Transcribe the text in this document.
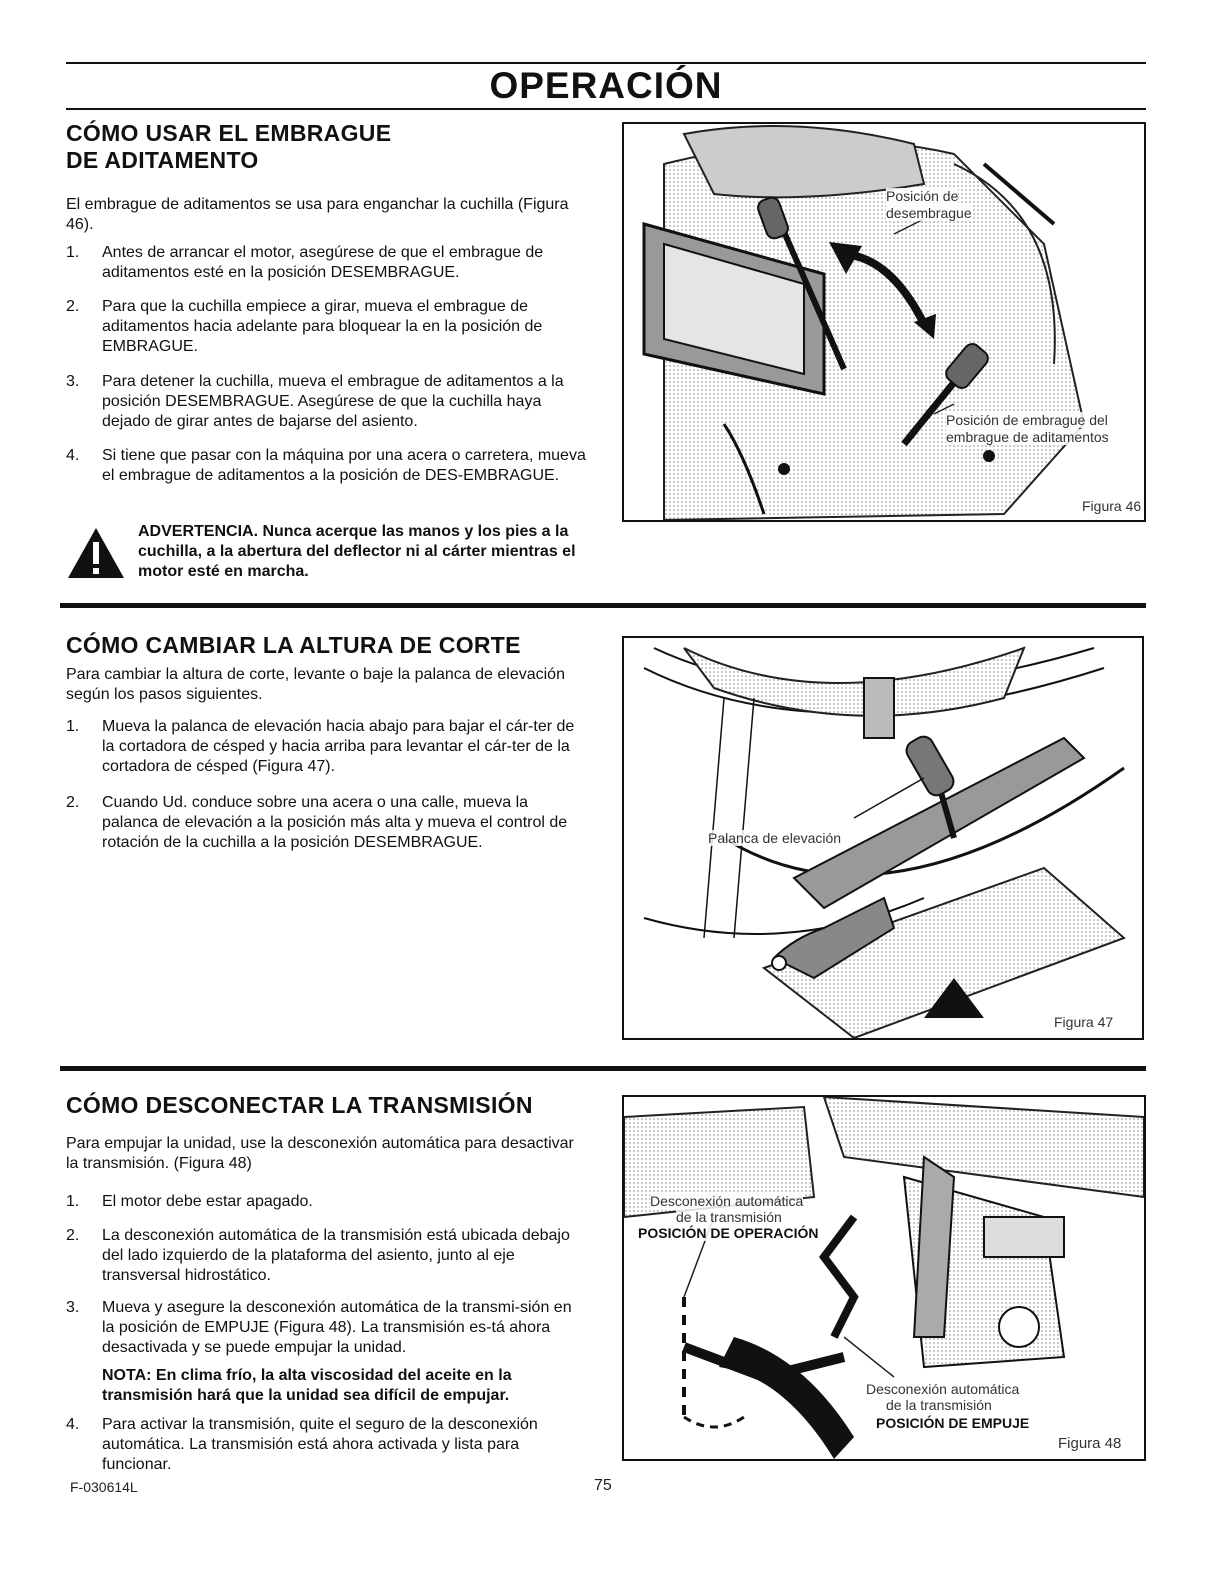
OPERACIÓN
CÓMO USAR EL EMBRAGUE
DE ADITAMENTO

El embrague de aditamentos se usa para enganchar la cuchilla (Figura 46).

1. Antes de arrancar el motor, asegúrese de que el embrague de aditamentos esté en la posición DESEMBRAGUE.
2. Para que la cuchilla empiece a girar, mueva el embrague de aditamentos hacia adelante para bloquear la en la posición de EMBRAGUE.
3. Para detener la cuchilla, mueva el embrague de aditamentos a la posición DESEMBRAGUE. Asegúrese de que la cuchilla haya dejado de girar antes de bajarse del asiento.
4. Si tiene que pasar con la máquina por una acera o carretera, mueva el embrague de aditamentos a la posición de DES-EMBRAGUE.
ADVERTENCIA. Nunca acerque las manos y los pies a la cuchilla, a la abertura del deflector ni al cárter mientras el motor esté en marcha.
Posición de
desembrague
Posición de embrague del
embrague de aditamentos
Figura 46
CÓMO CAMBIAR LA ALTURA DE CORTE

Para cambiar la altura de corte, levante o baje la palanca de elevación según los pasos siguientes.

1. Mueva la palanca de elevación hacia abajo para bajar el cár-ter de la cortadora de césped y hacia arriba para levantar el cár-ter de la cortadora de césped (Figura 47).
2. Cuando Ud. conduce sobre una acera o una calle, mueva la palanca de elevación a la posición más alta y mueva el control de rotación de la cuchilla a la posición DESEMBRAGUE.	Palanca de elevación
Figura 47
CÓMO DESCONECTAR LA TRANSMISIÓN

Para empujar la unidad, use la desconexión automática para desactivar la transmisión. (Figura 48)

1. El motor debe estar apagado.
2. La desconexión automática de la transmisión está ubicada debajo del lado izquierdo de la plataforma del asiento, junto al eje transversal hidrostático.
3. Mueva y asegure la desconexión automática de la transmi-sión en la posición de EMPUJE (Figura 48). La transmisión es-tá ahora desactivada y se puede empujar la unidad.
NOTA: En clima frío, la alta viscosidad del aceite en la transmisión hará que la unidad sea difícil de empujar.
4. Para activar la transmisión, quite el seguro de la desconexión automática. La transmisión está ahora activada y lista para funcionar.
Desconexión automática
de la transmisión
POSICIÓN DE OPERACIÓN
Desconexión automática
de la transmisión
POSICIÓN DE EMPUJE
Figura 48
F-030614L	75
